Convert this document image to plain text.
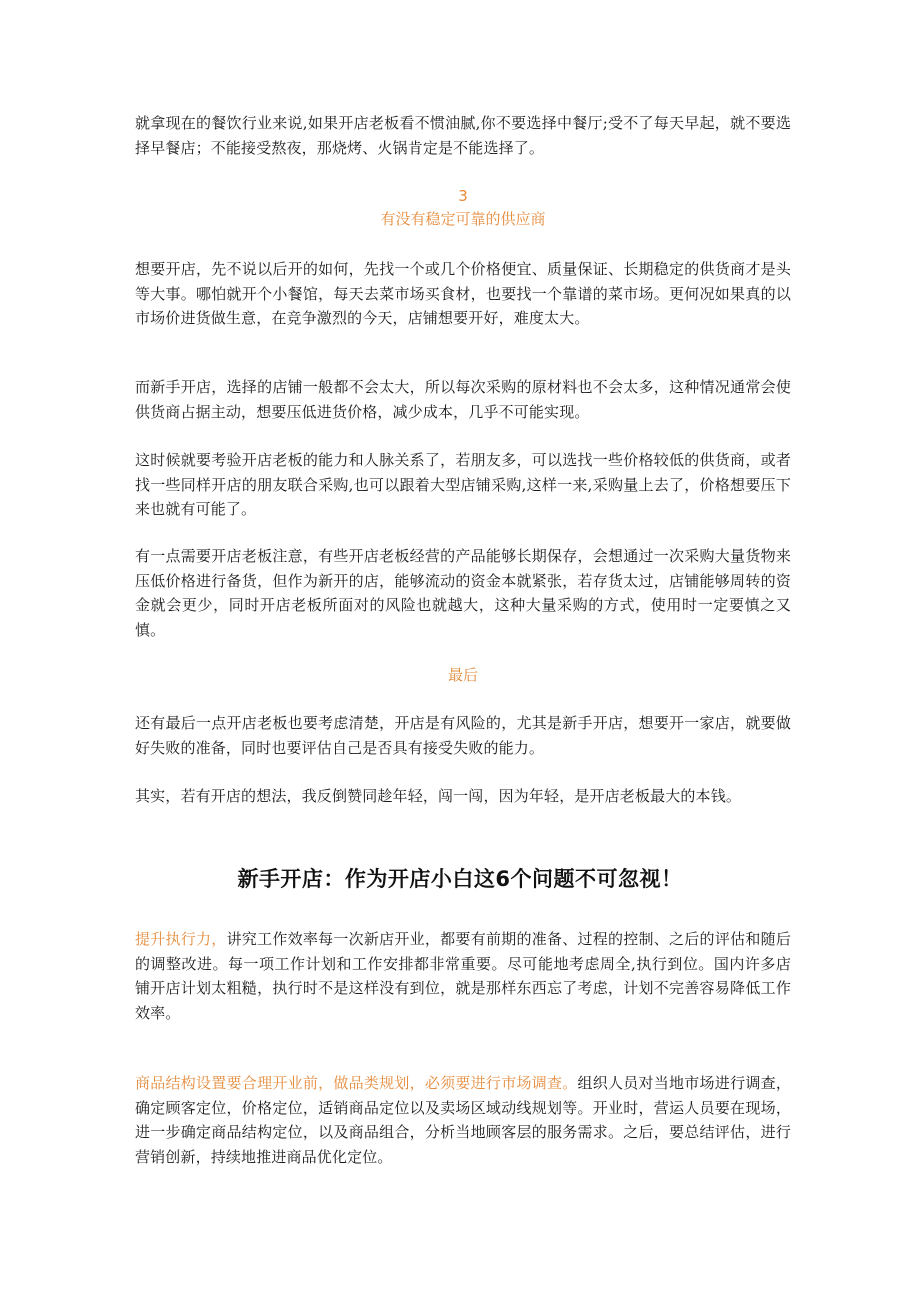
就拿现在的餐饮行业来说,如果开店老板看不惯油腻,你不要选择中餐厅;受不了每天早起，就不要选择早餐店；不能接受熬夜，那烧烤、火锅肯定是不能选择了。

3
有没有稳定可靠的供应商

想要开店，先不说以后开的如何，先找一个或几个价格便宜、质量保证、长期稳定的供货商才是头等大事。哪怕就开个小餐馆，每天去菜市场买食材，也要找一个靠谱的菜市场。更何况如果真的以市场价进货做生意，在竞争激烈的今天，店铺想要开好，难度太大。

而新手开店，选择的店铺一般都不会太大，所以每次采购的原材料也不会太多，这种情况通常会使供货商占据主动，想要压低进货价格，减少成本，几乎不可能实现。

这时候就要考验开店老板的能力和人脉关系了，若朋友多，可以选找一些价格较低的供货商，或者找一些同样开店的朋友联合采购,也可以跟着大型店铺采购,这样一来,采购量上去了，价格想要压下来也就有可能了。

有一点需要开店老板注意，有些开店老板经营的产品能够长期保存，会想通过一次采购大量货物来压低价格进行备货，但作为新开的店，能够流动的资金本就紧张，若存货太过，店铺能够周转的资金就会更少，同时开店老板所面对的风险也就越大，这种大量采购的方式，使用时一定要慎之又慎。

最后

还有最后一点开店老板也要考虑清楚，开店是有风险的，尤其是新手开店，想要开一家店，就要做好失败的准备，同时也要评估自己是否具有接受失败的能力。

其实，若有开店的想法，我反倒赞同趁年轻，闯一闯，因为年轻，是开店老板最大的本钱。

新手开店：作为开店小白这6个问题不可忽视！

提升执行力，讲究工作效率每一次新店开业，都要有前期的准备、过程的控制、之后的评估和随后的调整改进。每一项工作计划和工作安排都非常重要。尽可能地考虑周全,执行到位。国内许多店铺开店计划太粗糙，执行时不是这样没有到位，就是那样东西忘了考虑，计划不完善容易降低工作效率。

商品结构设置要合理开业前，做品类规划，必须要进行市场调查。组织人员对当地市场进行调查，确定顾客定位，价格定位，适销商品定位以及卖场区域动线规划等。开业时，营运人员要在现场，进一步确定商品结构定位，以及商品组合，分析当地顾客层的服务需求。之后，要总结评估，进行营销创新，持续地推进商品优化定位。
